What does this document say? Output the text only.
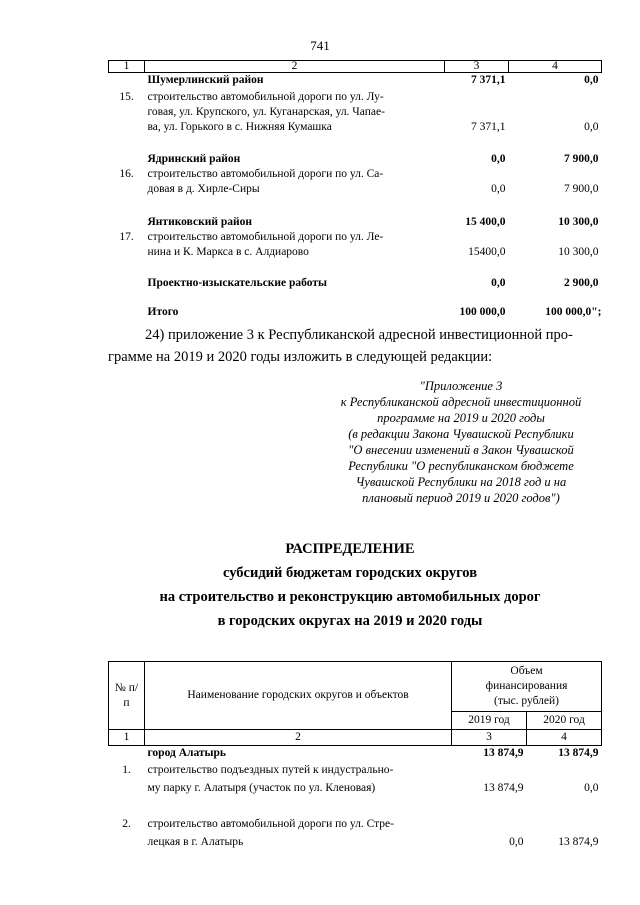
741
1	2	3	4
	Шумерлинский район	7 371,1	0,0
15.	строительство автомобильной дороги по ул. Лу-
говая, ул. Крупского, ул. Куганарская, ул. Чапае-
ва, ул. Горького в с. Нижняя Кумашка	7 371,1	0,0

	Ядринский район	0,0	7 900,0
16.	строительство автомобильной дороги по ул. Са-
довая в д. Хирле-Сиры	0,0	7 900,0

	Янтиковский район	15 400,0	10 300,0
17.	строительство автомобильной дороги по ул. Ле-
нина и К. Маркса в с. Алдиарово	15400,0	10 300,0

	Проектно-изыскательские работы	0,0	2 900,0

	Итого	100 000,0	100 000,0";
24) приложение 3 к Республиканской адресной инвестиционной про-
грамме на 2019 и 2020 годы изложить в следующей редакции:
"Приложение 3
к Республиканской адресной инвестиционной
программе на 2019 и 2020 годы
(в редакции Закона Чувашской Республики
"О внесении изменений в Закон Чувашской
Республики "О республиканском бюджете
Чувашской Республики на 2018 год и на
плановый период 2019 и 2020 годов")
РАСПРЕДЕЛЕНИЕ
субсидий бюджетам городских округов
на строительство и реконструкцию автомобильных дорог
в городских округах на 2019 и 2020 годы
№ п/п	Наименование городских округов и объектов	Объем финансирования (тыс. рублей)	
		2019 год	2020 год
1	2	3	4
	город Алатырь	13 874,9	13 874,9
1.	строительство подъездных путей к индустрально-
му парку г. Алатыря (участок по ул. Кленовая)	13 874,9	0,0

2.	строительство автомобильной дороги по ул. Стре-
лецкая в г. Алатырь	0,0	13 874,9
